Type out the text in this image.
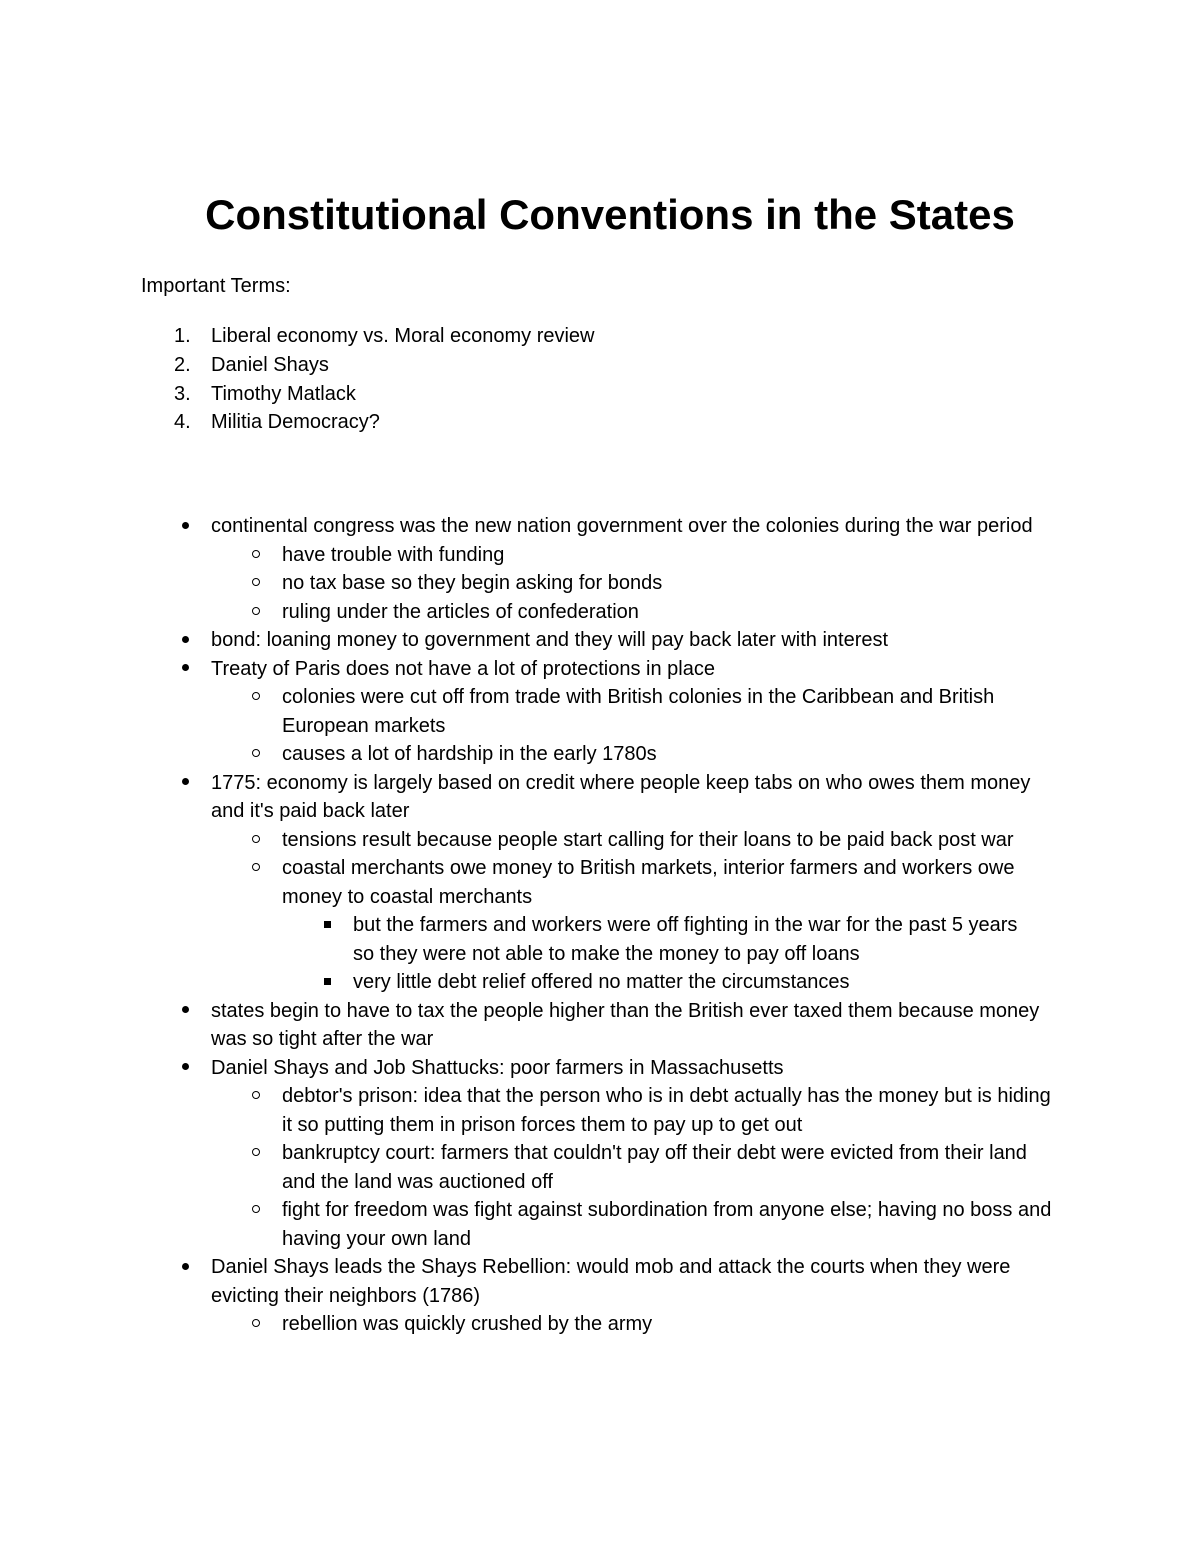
Constitutional Conventions in the States

Important Terms:

1. Liberal economy vs. Moral economy review
2. Daniel Shays
3. Timothy Matlack
4. Militia Democracy?
continental congress was the new nation government over the colonies during the war period
have trouble with funding
no tax base so they begin asking for bonds
ruling under the articles of confederation
bond: loaning money to government and they will pay back later with interest
Treaty of Paris does not have a lot of protections in place
colonies were cut off from trade with British colonies in the Caribbean and British European markets
causes a lot of hardship in the early 1780s
1775: economy is largely based on credit where people keep tabs on who owes them money and it's paid back later
tensions result because people start calling for their loans to be paid back post war
coastal merchants owe money to British markets, interior farmers and workers owe money to coastal merchants
but the farmers and workers were off fighting in the war for the past 5 years so they were not able to make the money to pay off loans
very little debt relief offered no matter the circumstances
states begin to have to tax the people higher than the British ever taxed them because money was so tight after the war
Daniel Shays and Job Shattucks: poor farmers in Massachusetts
debtor's prison: idea that the person who is in debt actually has the money but is hiding it so putting them in prison forces them to pay up to get out
bankruptcy court: farmers that couldn't pay off their debt were evicted from their land and the land was auctioned off
fight for freedom was fight against subordination from anyone else; having no boss and having your own land
Daniel Shays leads the Shays Rebellion: would mob and attack the courts when they were evicting their neighbors (1786)
rebellion was quickly crushed by the army
